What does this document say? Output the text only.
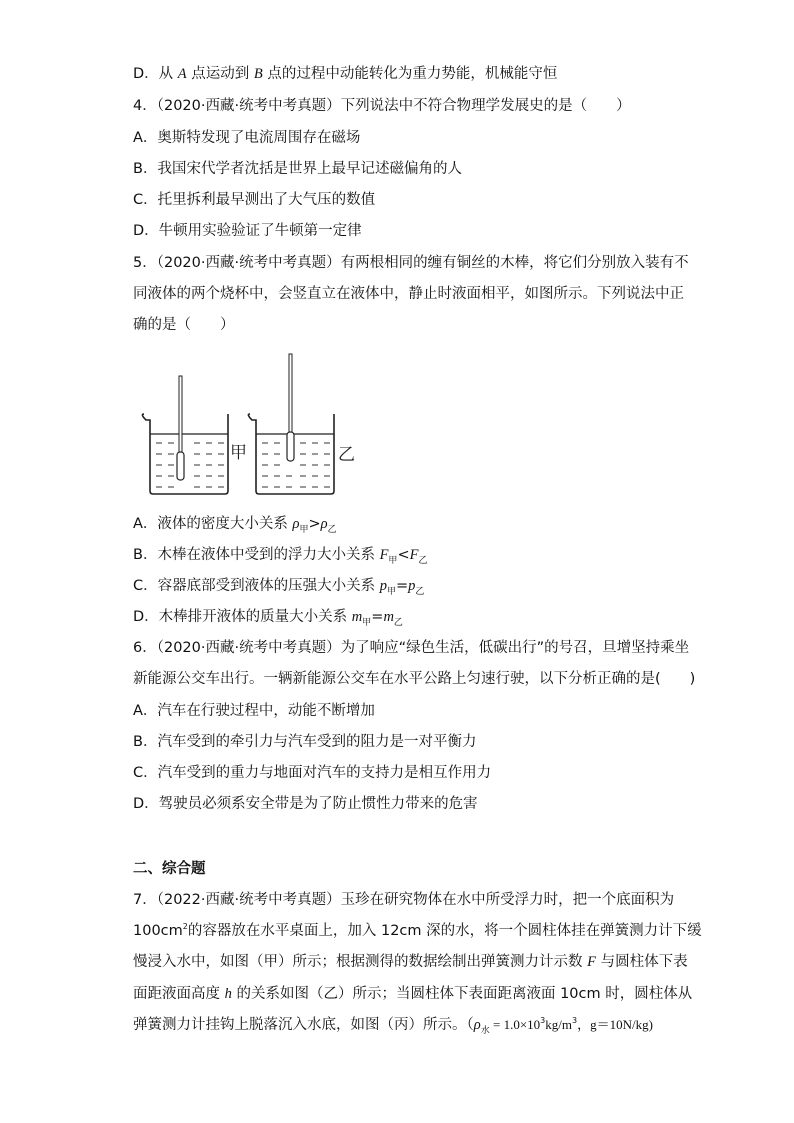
D．从 A 点运动到 B 点的过程中动能转化为重力势能，机械能守恒
4．（2020·西藏·统考中考真题）下列说法中不符合物理学发展史的是（　　）
A．奥斯特发现了电流周围存在磁场
B．我国宋代学者沈括是世界上最早记述磁偏角的人
C．托里拆利最早测出了大气压的数值
D．牛顿用实验验证了牛顿第一定律
5．（2020·西藏·统考中考真题）有两根相同的缠有铜丝的木棒，将它们分别放入装有不
同液体的两个烧杯中，会竖直立在液体中，静止时液面相平，如图所示。下列说法中正
确的是（　　）
甲	乙
A．液体的密度大小关系 $\rho_甲>\rho_乙$
B．木棒在液体中受到的浮力大小关系 $F_甲<F_乙$
C．容器底部受到液体的压强大小关系 $p_甲=p_乙$
D．木棒排开液体的质量大小关系 $m_甲=m_乙$
6．（2020·西藏·统考中考真题）为了响应“绿色生活，低碳出行”的号召，旦增坚持乘坐
新能源公交车出行。一辆新能源公交车在水平公路上匀速行驶，以下分析正确的是(　　)
A．汽车在行驶过程中，动能不断增加
B．汽车受到的牵引力与汽车受到的阻力是一对平衡力
C．汽车受到的重力与地面对汽车的支持力是相互作用力
D．驾驶员必须系安全带是为了防止惯性力带来的危害
二、综合题
7．（2022·西藏·统考中考真题）玉珍在研究物体在水中所受浮力时，把一个底面积为
$100cm^2$的容器放在水平桌面上，加入 12cm 深的水，将一个圆柱体挂在弹簧测力计下缓
慢浸入水中，如图（甲）所示；根据测得的数据绘制出弹簧测力计示数 F 与圆柱体下表
面距液面高度 h 的关系如图（乙）所示；当圆柱体下表面距离液面 10cm 时，圆柱体从
弹簧测力计挂钩上脱落沉入水底，如图（丙）所示。（$\rho_水 = 1.0\times 10^3kg/m^3$，g＝10N/kg)
